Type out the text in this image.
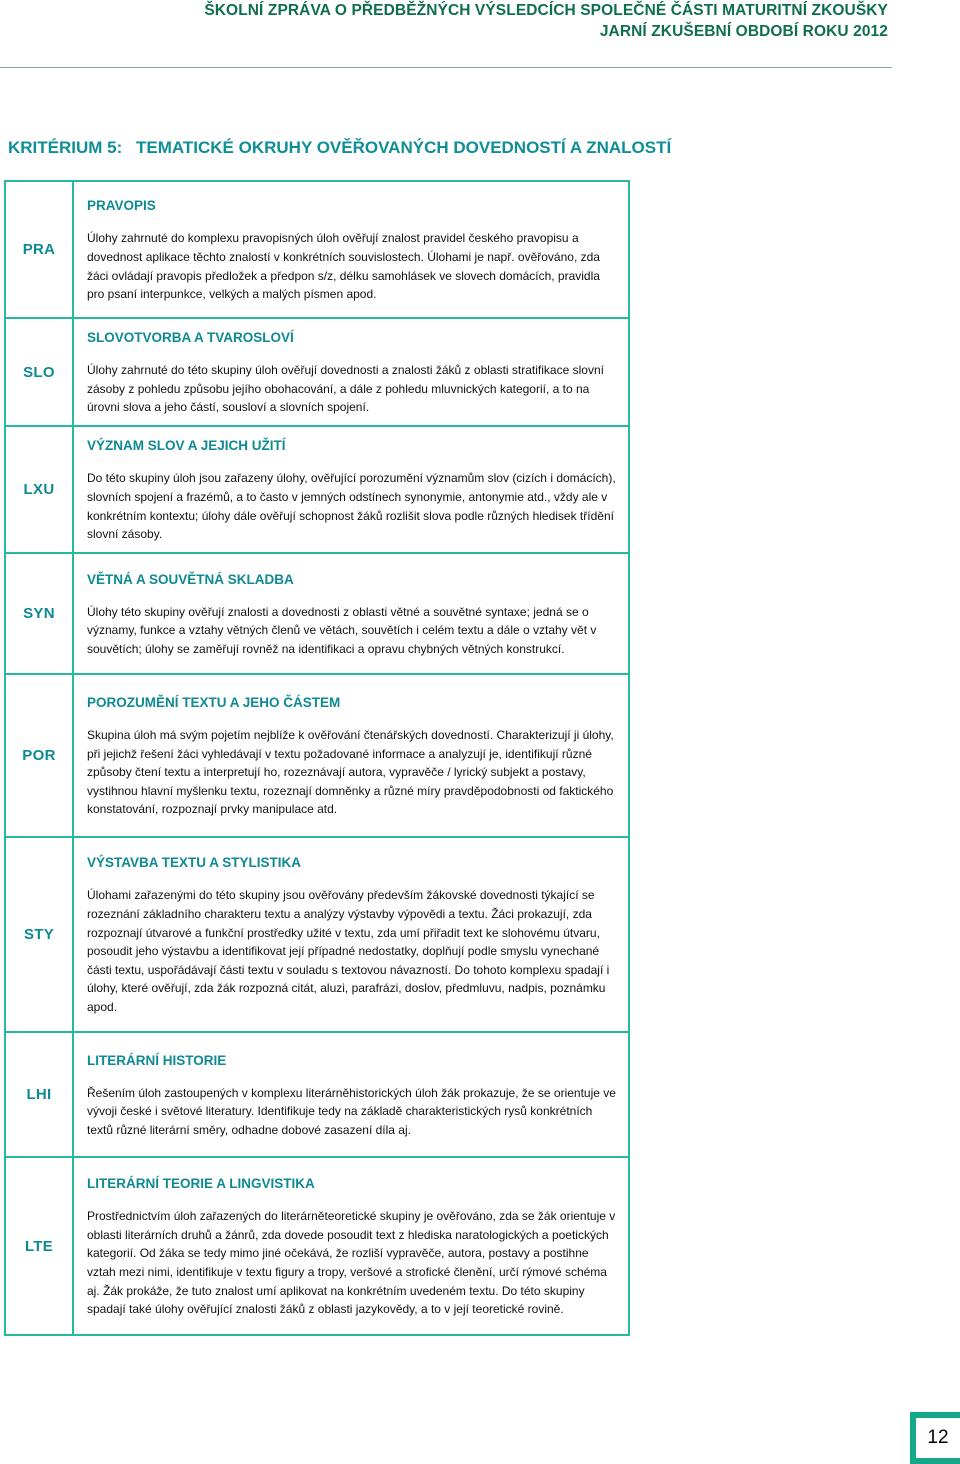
ŠKOLNÍ ZPRÁVA O PŘEDBĚŽNÝCH VÝSLEDCÍCH SPOLEČNÉ ČÁSTI MATURITNÍ ZKOUŠKY
JARNÍ ZKUŠEBNÍ OBDOBÍ ROKU 2012
KRITÉRIUM 5: TEMATICKÉ OKRUHY OVĚŘOVANÝCH DOVEDNOSTÍ A ZNALOSTÍ
PRA	PRAVOPIS
Úlohy zahrnuté do komplexu pravopisných úloh ověřují znalost pravidel českého pravopisu a dovednost aplikace těchto znalostí v konkrétních souvislostech. Úlohami je např. ověřováno, zda žáci ovládají pravopis předložek a předpon s/z, délku samohlásek ve slovech domácích, pravidla pro psaní interpunkce, velkých a malých písmen apod.

SLO	SLOVOTVORBA A TVAROSLOVÍ
Úlohy zahrnuté do této skupiny úloh ověřují dovednosti a znalosti žáků z oblasti stratifikace slovní zásoby z pohledu způsobu jejího obohacování, a dále z pohledu mluvnických kategorií, a to na úrovni slova a jeho částí, sousloví a slovních spojení.

LXU	VÝZNAM SLOV A JEJICH UŽITÍ
Do této skupiny úloh jsou zařazeny úlohy, ověřující porozumění významům slov (cizích i domácích), slovních spojení a frazémů, a to často v jemných odstínech synonymie, antonymie atd., vždy ale v konkrétním kontextu; úlohy dále ověřují schopnost žáků rozlišit slova podle různých hledisek třídění slovní zásoby.

SYN	VĚTNÁ A SOUVĚTNÁ SKLADBA
Úlohy této skupiny ověřují znalosti a dovednosti z oblasti větné a souvětné syntaxe; jedná se o významy, funkce a vztahy větných členů ve větách, souvětích i celém textu a dále o vztahy vět v souvětích; úlohy se zaměřují rovněž na identifikaci a opravu chybných větných konstrukcí.

POR	POROZUMĚNÍ TEXTU A JEHO ČÁSTEM
Skupina úloh má svým pojetím nejblíže k ověřování čtenářských dovedností. Charakterizují ji úlohy, při jejichž řešení žáci vyhledávají v textu požadované informace a analyzují je, identifikují různé způsoby čtení textu a interpretují ho, rozeznávají autora, vypravěče / lyrický subjekt a postavy, vystihnou hlavní myšlenku textu, rozeznají domněnky a různé míry pravděpodobnosti od faktického konstatování, rozpoznají prvky manipulace atd.

STY	VÝSTAVBA TEXTU A STYLISTIKA
Úlohami zařazenými do této skupiny jsou ověřovány především žákovské dovednosti týkající se rozeznání základního charakteru textu a analýzy výstavby výpovědi a textu. Žáci prokazují, zda rozpoznají útvarové a funkční prostředky užité v textu, zda umí přiřadit text ke slohovému útvaru, posoudit jeho výstavbu a identifikovat její případné nedostatky, doplňují podle smyslu vynechané části textu, uspořádávají části textu v souladu s textovou návazností. Do tohoto komplexu spadají i úlohy, které ověřují, zda žák rozpozná citát, aluzi, parafrázi, doslov, předmluvu, nadpis, poznámku apod.

LHI	LITERÁRNÍ HISTORIE
Řešením úloh zastoupených v komplexu literárněhistorických úloh žák prokazuje, že se orientuje ve vývoji české i světové literatury. Identifikuje tedy na základě charakteristických rysů konkrétních textů různé literární směry, odhadne dobové zasazení díla aj.

LTE	LITERÁRNÍ TEORIE A LINGVISTIKA
Prostřednictvím úloh zařazených do literárněteoretické skupiny je ověřováno, zda se žák orientuje v oblasti literárních druhů a žánrů, zda dovede posoudit text z hlediska naratologických a poetických kategorií. Od žáka se tedy mimo jiné očekává, že rozliší vypravěče, autora, postavy a postihne vztah mezi nimi, identifikuje v textu figury a tropy, veršové a strofické členění, určí rýmové schéma aj. Žák prokáže, že tuto znalost umí aplikovat na konkrétním uvedeném textu. Do této skupiny spadají také úlohy ověřující znalosti žáků z oblasti jazykovědy, a to v její teoretické rovině.
12
